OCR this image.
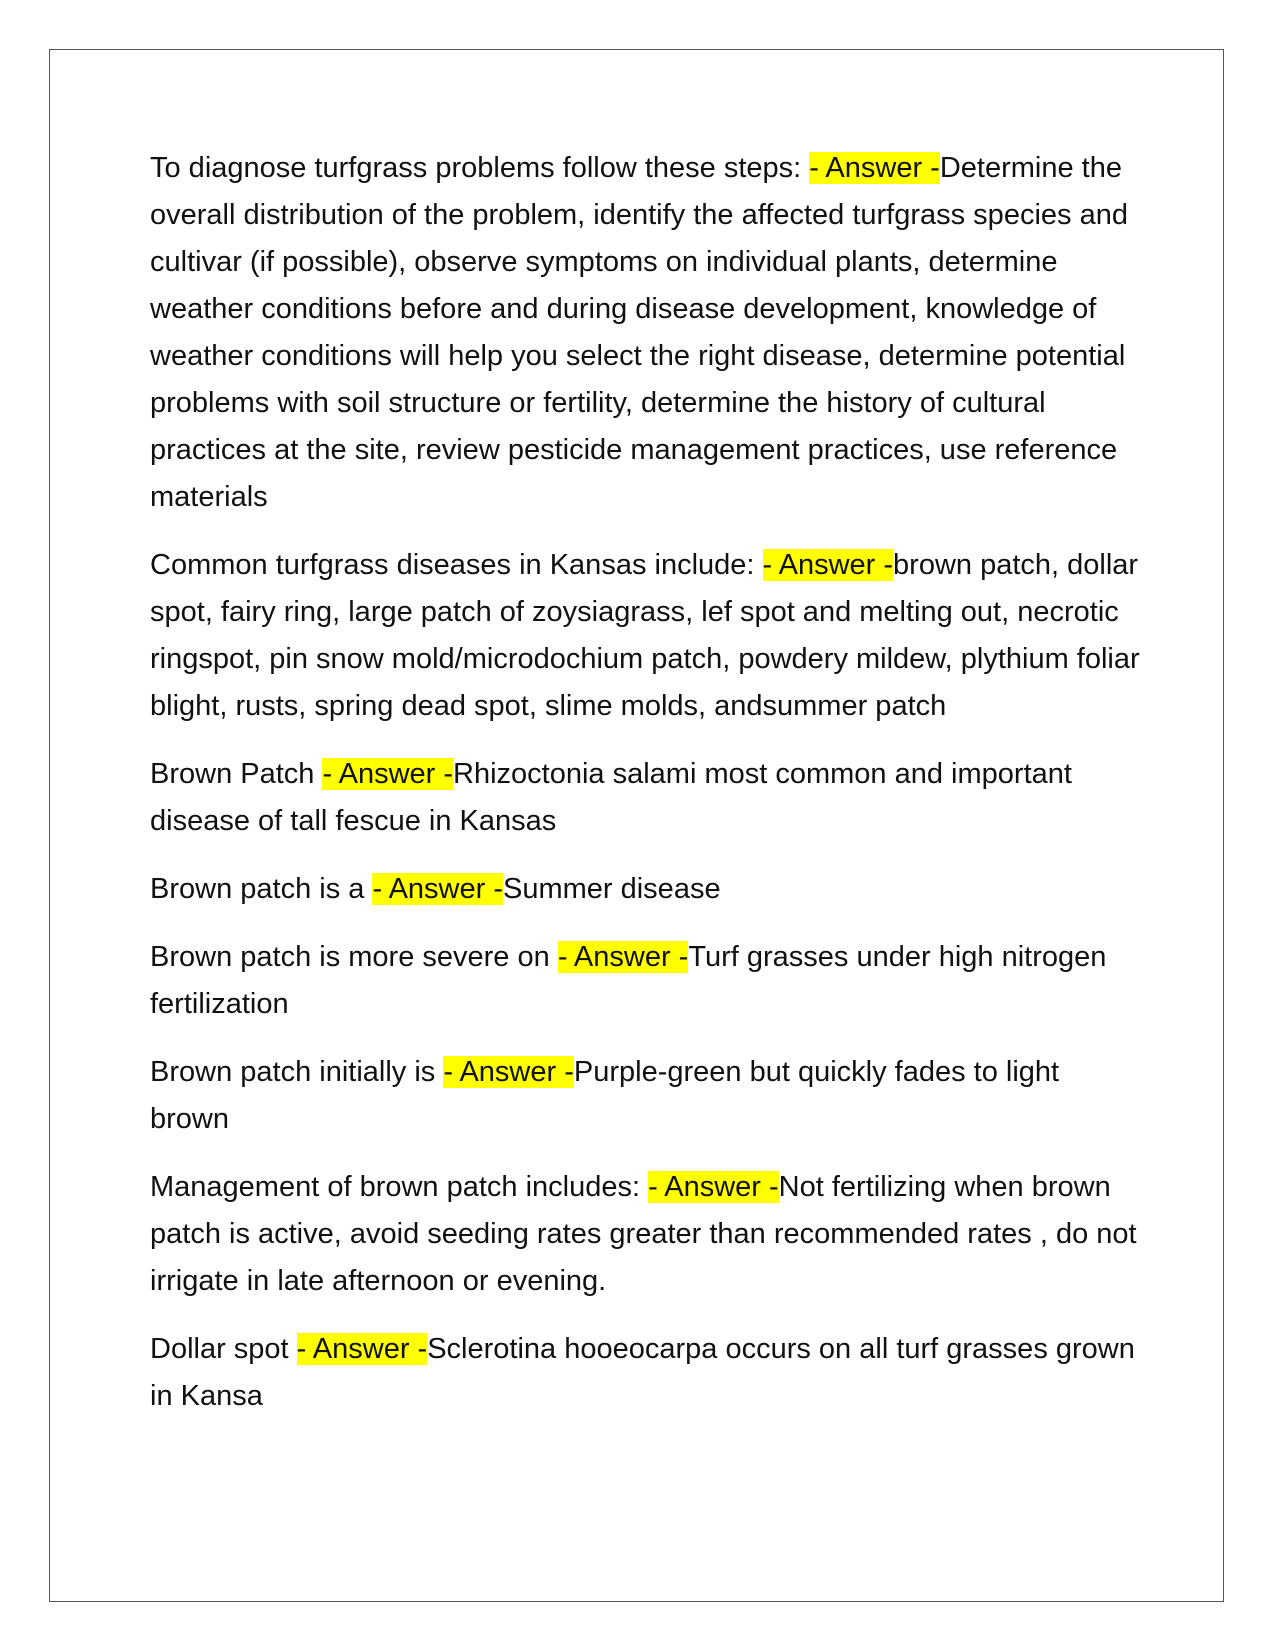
To diagnose turfgrass problems follow these steps: - Answer -Determine the overall distribution of the problem, identify the affected turfgrass species and cultivar (if possible), observe symptoms on individual plants, determine weather conditions before and during disease development, knowledge of weather conditions will help you select the right disease, determine potential problems with soil structure or fertility, determine the history of cultural practices at the site, review pesticide management practices, use reference materials

Common turfgrass diseases in Kansas include: - Answer -brown patch, dollar spot, fairy ring, large patch of zoysiagrass, lef spot and melting out, necrotic ringspot, pin snow mold/microdochium patch, powdery mildew, plythium foliar blight, rusts, spring dead spot, slime molds, andsummer patch

Brown Patch - Answer -Rhizoctonia salami most common and important disease of tall fescue in Kansas

Brown patch is a - Answer -Summer disease

Brown patch is more severe on - Answer -Turf grasses under high nitrogen fertilization

Brown patch initially is - Answer -Purple-green but quickly fades to light brown

Management of brown patch includes: - Answer -Not fertilizing when brown patch is active, avoid seeding rates greater than recommended rates , do not irrigate in late afternoon or evening.

Dollar spot - Answer -Sclerotina hooeocarpa occurs on all turf grasses grown in Kansa
